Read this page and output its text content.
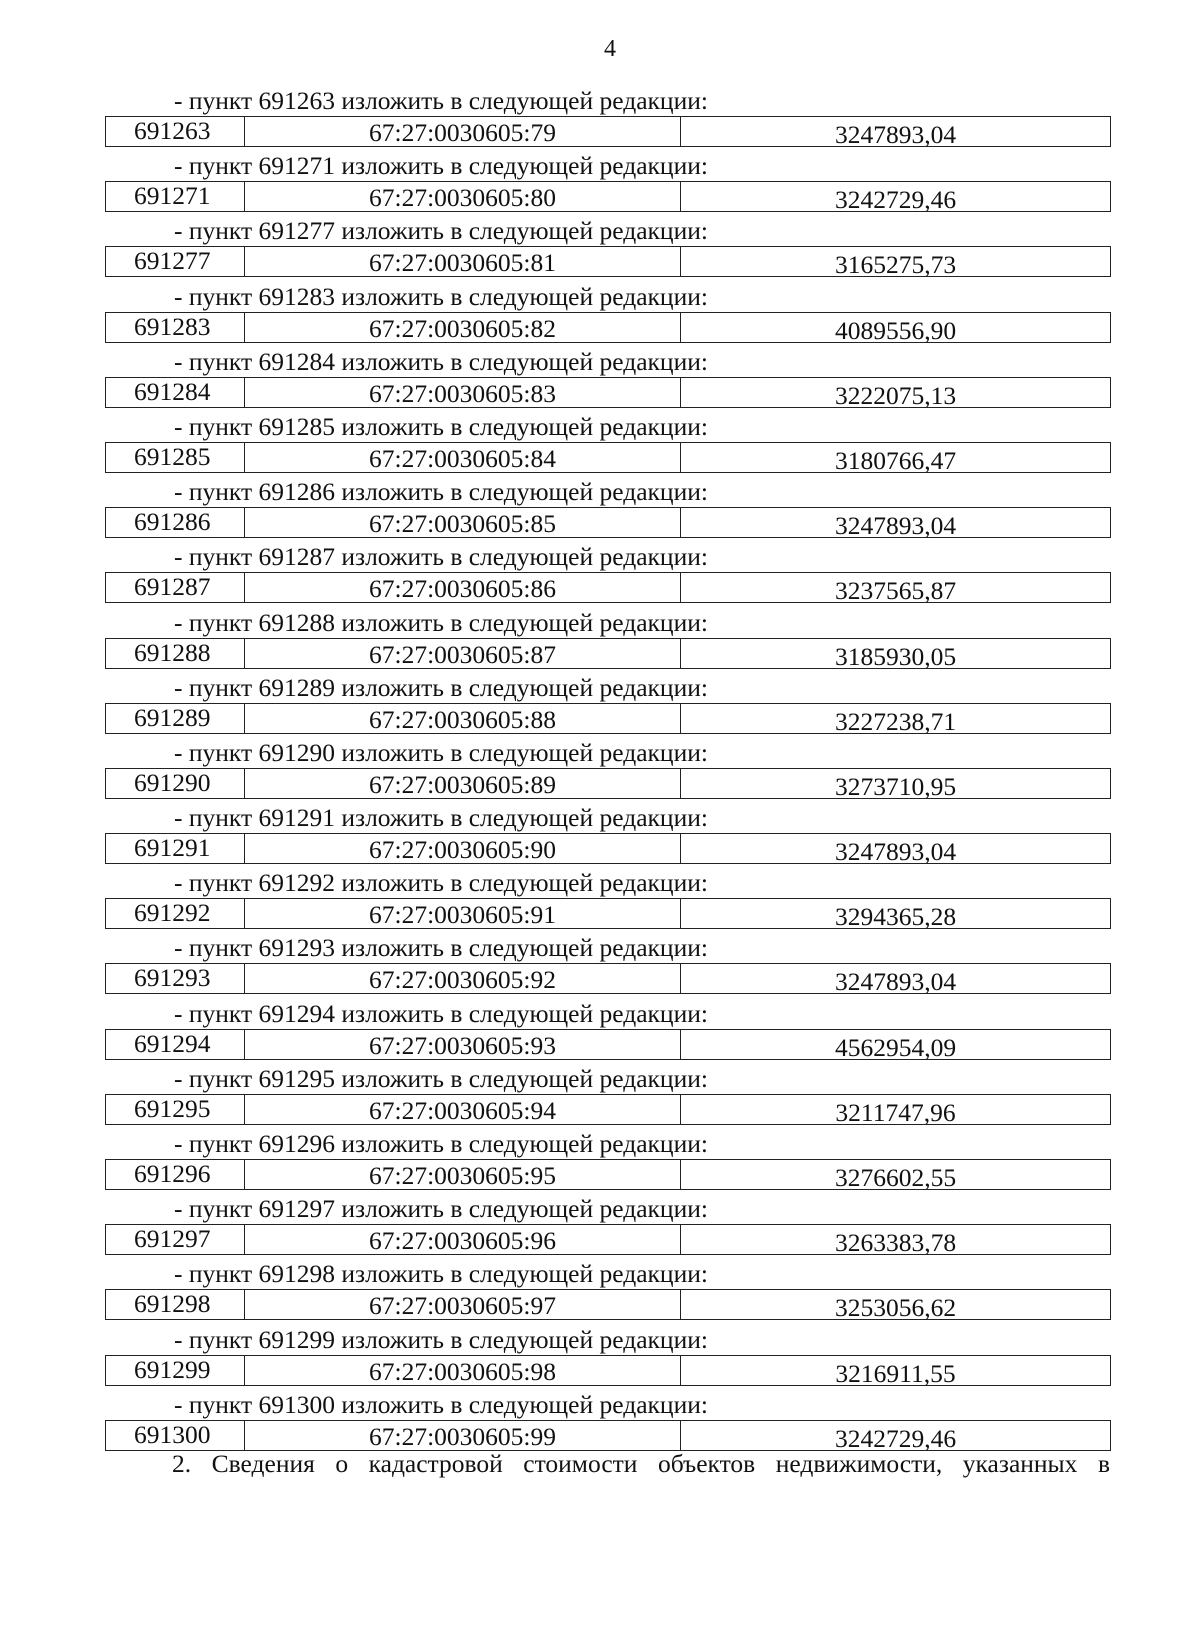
4
- пункт 691263 изложить в следующей редакции:
691263	67:27:0030605:79	3247893,04
- пункт 691271 изложить в следующей редакции:
691271	67:27:0030605:80	3242729,46
- пункт 691277 изложить в следующей редакции:
691277	67:27:0030605:81	3165275,73
- пункт 691283 изложить в следующей редакции:
691283	67:27:0030605:82	4089556,90
- пункт 691284 изложить в следующей редакции:
691284	67:27:0030605:83	3222075,13
- пункт 691285 изложить в следующей редакции:
691285	67:27:0030605:84	3180766,47
- пункт 691286 изложить в следующей редакции:
691286	67:27:0030605:85	3247893,04
- пункт 691287 изложить в следующей редакции:
691287	67:27:0030605:86	3237565,87
- пункт 691288 изложить в следующей редакции:
691288	67:27:0030605:87	3185930,05
- пункт 691289 изложить в следующей редакции:
691289	67:27:0030605:88	3227238,71
- пункт 691290 изложить в следующей редакции:
691290	67:27:0030605:89	3273710,95
- пункт 691291 изложить в следующей редакции:
691291	67:27:0030605:90	3247893,04
- пункт 691292 изложить в следующей редакции:
691292	67:27:0030605:91	3294365,28
- пункт 691293 изложить в следующей редакции:
691293	67:27:0030605:92	3247893,04
- пункт 691294 изложить в следующей редакции:
691294	67:27:0030605:93	4562954,09
- пункт 691295 изложить в следующей редакции:
691295	67:27:0030605:94	3211747,96
- пункт 691296 изложить в следующей редакции:
691296	67:27:0030605:95	3276602,55
- пункт 691297 изложить в следующей редакции:
691297	67:27:0030605:96	3263383,78
- пункт 691298 изложить в следующей редакции:
691298	67:27:0030605:97	3253056,62
- пункт 691299 изложить в следующей редакции:
691299	67:27:0030605:98	3216911,55
- пункт 691300 изложить в следующей редакции:
691300	67:27:0030605:99	3242729,46
2. Сведения о кадастровой стоимости объектов недвижимости, указанных в
